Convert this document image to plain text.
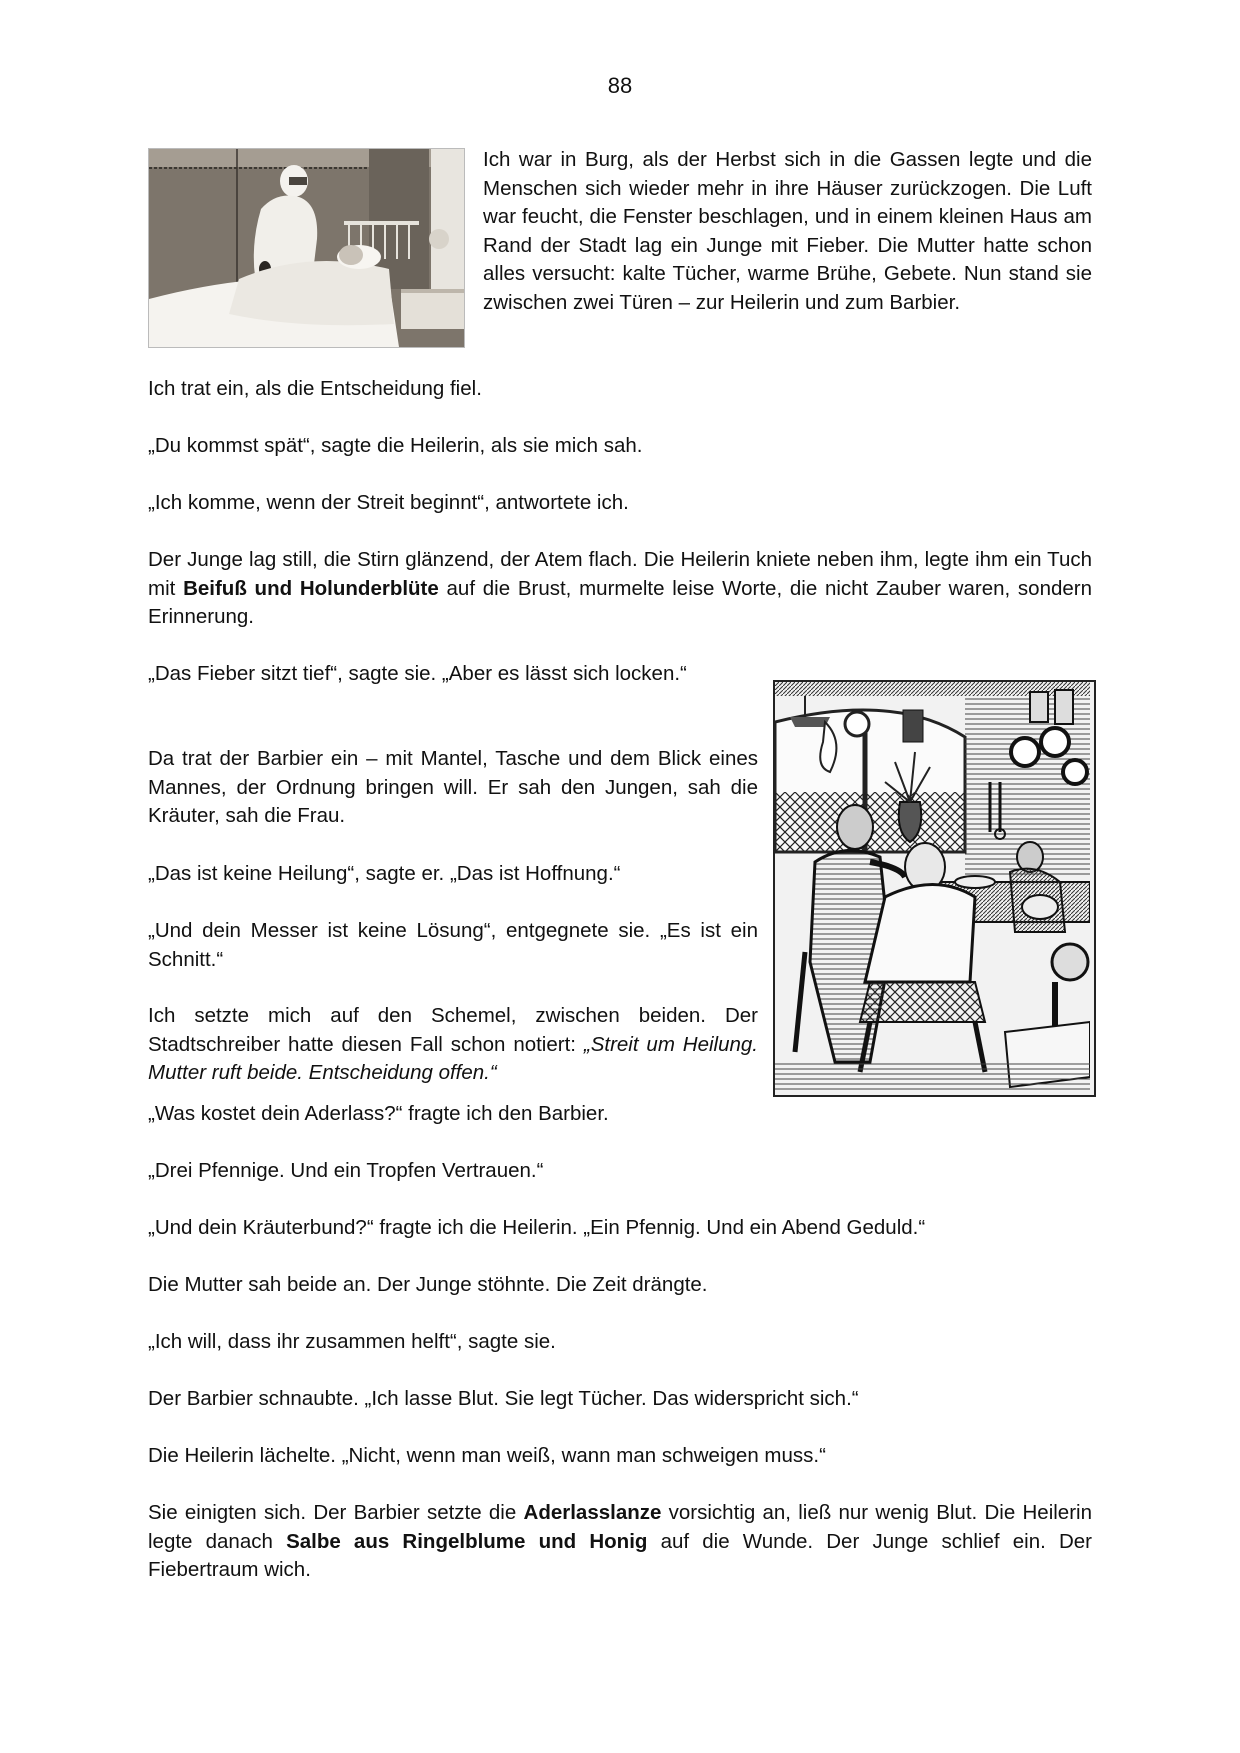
88

Ich war in Burg, als der Herbst sich in die Gassen legte und die Menschen sich wieder mehr in ihre Häuser zurückzogen. Die Luft war feucht, die Fenster beschlagen, und in einem kleinen Haus am Rand der Stadt lag ein Junge mit Fieber. Die Mutter hatte schon alles versucht: kalte Tücher, warme Brühe, Gebete. Nun stand sie zwischen zwei Türen – zur Heilerin und zum Barbier.

Ich trat ein, als die Entscheidung fiel.

„Du kommst spät“, sagte die Heilerin, als sie mich sah.

„Ich komme, wenn der Streit beginnt“, antwortete ich.

Der Junge lag still, die Stirn glänzend, der Atem flach. Die Heilerin kniete neben ihm, legte ihm ein Tuch mit Beifuß und Holunderblüte auf die Brust, murmelte leise Worte, die nicht Zauber waren, sondern Erinnerung.

„Das Fieber sitzt tief“, sagte sie. „Aber es lässt sich locken.“

Da trat der Barbier ein – mit Mantel, Tasche und dem Blick eines Mannes, der Ordnung bringen will. Er sah den Jungen, sah die Kräuter, sah die Frau.

„Das ist keine Heilung“, sagte er. „Das ist Hoffnung.“

„Und dein Messer ist keine Lösung“, entgegnete sie. „Es ist ein Schnitt.“

Ich setzte mich auf den Schemel, zwischen beiden. Der Stadtschreiber hatte diesen Fall schon notiert: „Streit um Heilung. Mutter ruft beide. Entscheidung offen.“

„Was kostet dein Aderlass?“ fragte ich den Barbier.

„Drei Pfennige. Und ein Tropfen Vertrauen.“

„Und dein Kräuterbund?“ fragte ich die Heilerin. „Ein Pfennig. Und ein Abend Geduld.“

Die Mutter sah beide an. Der Junge stöhnte. Die Zeit drängte.

„Ich will, dass ihr zusammen helft“, sagte sie.

Der Barbier schnaubte. „Ich lasse Blut. Sie legt Tücher. Das widerspricht sich.“

Die Heilerin lächelte. „Nicht, wenn man weiß, wann man schweigen muss.“

Sie einigten sich. Der Barbier setzte die Aderlasslanze vorsichtig an, ließ nur wenig Blut. Die Heilerin legte danach Salbe aus Ringelblume und Honig auf die Wunde. Der Junge schlief ein. Der Fiebertraum wich.
